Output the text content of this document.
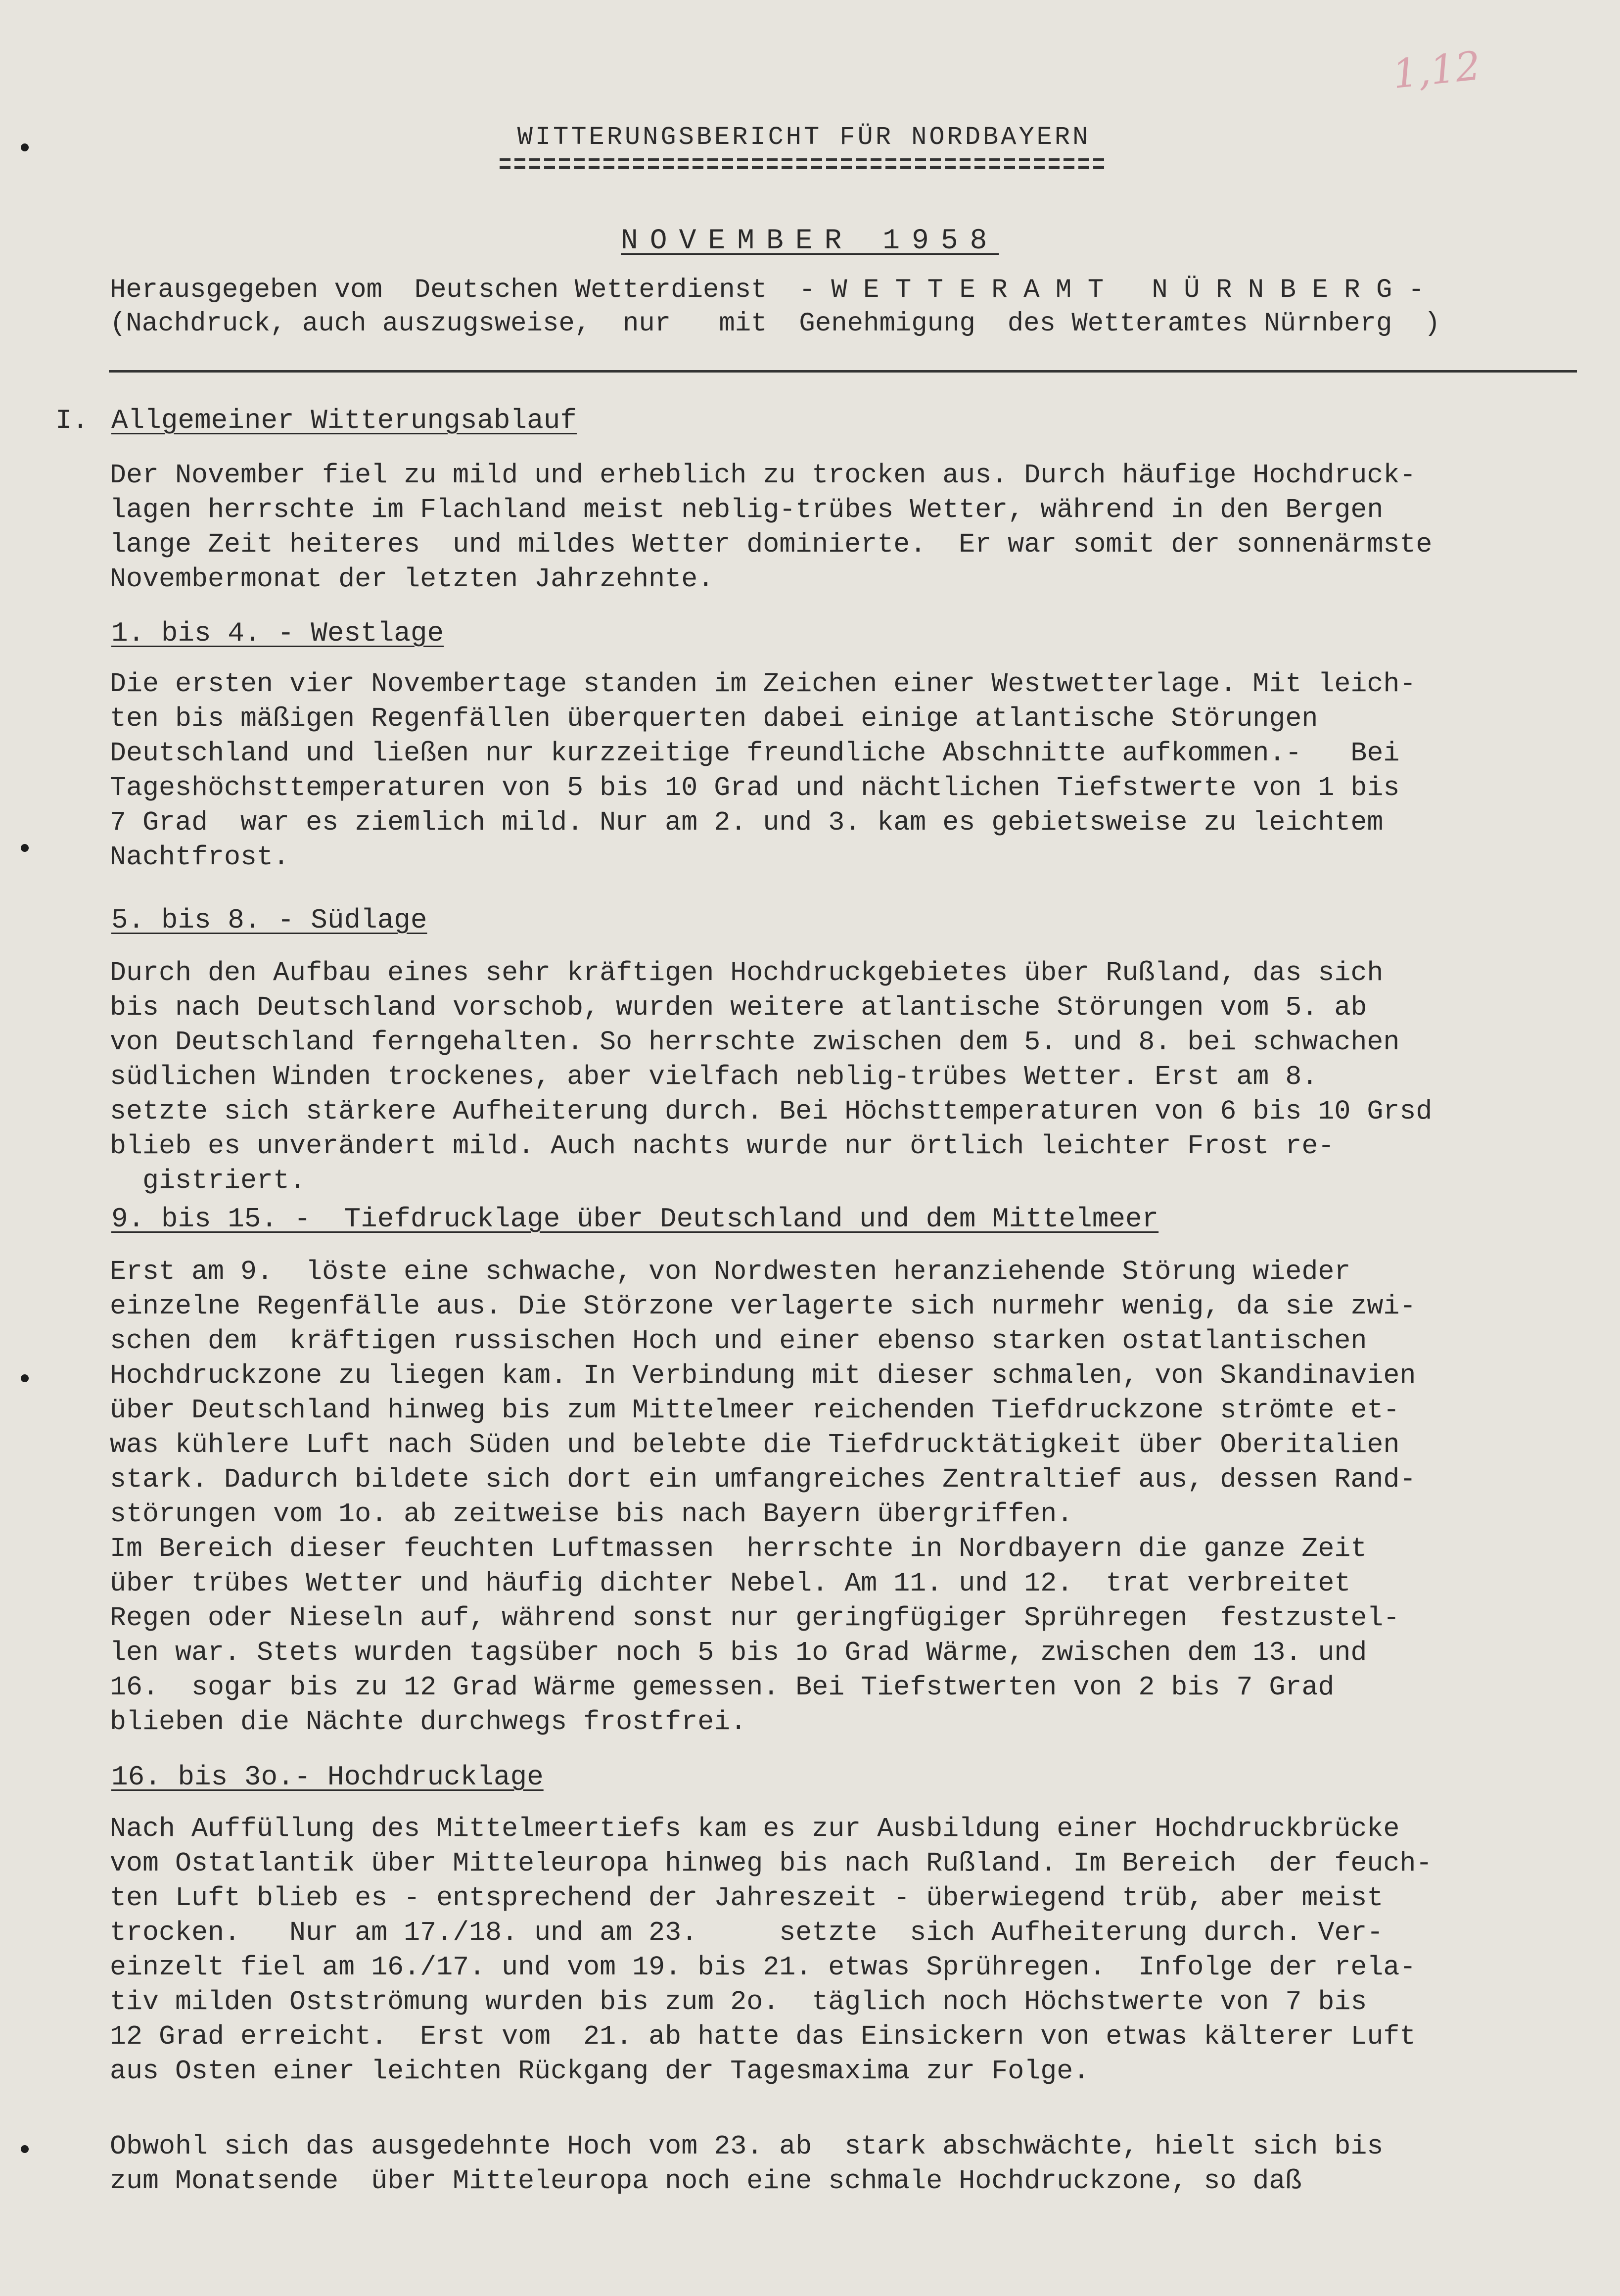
1,12
WITTERUNGSBERICHT FÜR NORDBAYERN
NOVEMBER 1958
Herausgegeben vom  Deutschen Wetterdienst  - W E T T E R A M T   N Ü R N B E R G -
(Nachdruck, auch auszugsweise,  nur   mit  Genehmigung  des Wetteramtes Nürnberg  )
I. Allgemeiner Witterungsablauf

Der November fiel zu mild und erheblich zu trocken aus. Durch häufige Hochdruck-
lagen herrschte im Flachland meist neblig-trübes Wetter, während in den Bergen
lange Zeit heiteres  und mildes Wetter dominierte.  Er war somit der sonnenärmste
Novembermonat der letzten Jahrzehnte.

1. bis 4. - Westlage

Die ersten vier Novembertage standen im Zeichen einer Westwetterlage. Mit leich-
ten bis mäßigen Regenfällen überquerten dabei einige atlantische Störungen
Deutschland und ließen nur kurzzeitige freundliche Abschnitte aufkommen.-   Bei
Tageshöchsttemperaturen von 5 bis 10 Grad und nächtlichen Tiefstwerte von 1 bis
7 Grad  war es ziemlich mild. Nur am 2. und 3. kam es gebietsweise zu leichtem
Nachtfrost.

5. bis 8. - Südlage

Durch den Aufbau eines sehr kräftigen Hochdruckgebietes über Rußland, das sich
bis nach Deutschland vorschob, wurden weitere atlantische Störungen vom 5. ab
von Deutschland ferngehalten. So herrschte zwischen dem 5. und 8. bei schwachen
südlichen Winden trockenes, aber vielfach neblig-trübes Wetter. Erst am 8.
setzte sich stärkere Aufheiterung durch. Bei Höchsttemperaturen von 6 bis 10 Grsd
blieb es unverändert mild. Auch nachts wurde nur örtlich leichter Frost re-
gistriert.

9. bis 15. -  Tiefdrucklage über Deutschland und dem Mittelmeer

Erst am 9.  löste eine schwache, von Nordwesten heranziehende Störung wieder
einzelne Regenfälle aus. Die Störzone verlagerte sich nurmehr wenig, da sie zwi-
schen dem  kräftigen russischen Hoch und einer ebenso starken ostatlantischen
Hochdruckzone zu liegen kam. In Verbindung mit dieser schmalen, von Skandinavien
über Deutschland hinweg bis zum Mittelmeer reichenden Tiefdruckzone strömte et-
was kühlere Luft nach Süden und belebte die Tiefdrucktätigkeit über Oberitalien
stark. Dadurch bildete sich dort ein umfangreiches Zentraltief aus, dessen Rand-
störungen vom 1o. ab zeitweise bis nach Bayern übergriffen.
Im Bereich dieser feuchten Luftmassen  herrschte in Nordbayern die ganze Zeit
über trübes Wetter und häufig dichter Nebel. Am 11. und 12.  trat verbreitet
Regen oder Nieseln auf, während sonst nur geringfügiger Sprühregen  festzustel-
len war. Stets wurden tagsüber noch 5 bis 1o Grad Wärme, zwischen dem 13. und
16.  sogar bis zu 12 Grad Wärme gemessen. Bei Tiefstwerten von 2 bis 7 Grad
blieben die Nächte durchwegs frostfrei.

16. bis 3o.- Hochdrucklage

Nach Auffüllung des Mittelmeertiefs kam es zur Ausbildung einer Hochdruckbrücke
vom Ostatlantik über Mitteleuropa hinweg bis nach Rußland. Im Bereich  der feuch-
ten Luft blieb es - entsprechend der Jahreszeit - überwiegend trüb, aber meist
trocken.   Nur am 17./18. und am 23.     setzte  sich Aufheiterung durch. Ver-
einzelt fiel am 16./17. und vom 19. bis 21. etwas Sprühregen.  Infolge der rela-
tiv milden Ostströmung wurden bis zum 2o.  täglich noch Höchstwerte von 7 bis
12 Grad erreicht.  Erst vom  21. ab hatte das Einsickern von etwas kälterer Luft
aus Osten einer leichten Rückgang der Tagesmaxima zur Folge.

Obwohl sich das ausgedehnte Hoch vom 23. ab  stark abschwächte, hielt sich bis
zum Monatsende  über Mitteleuropa noch eine schmale Hochdruckzone, so daß
